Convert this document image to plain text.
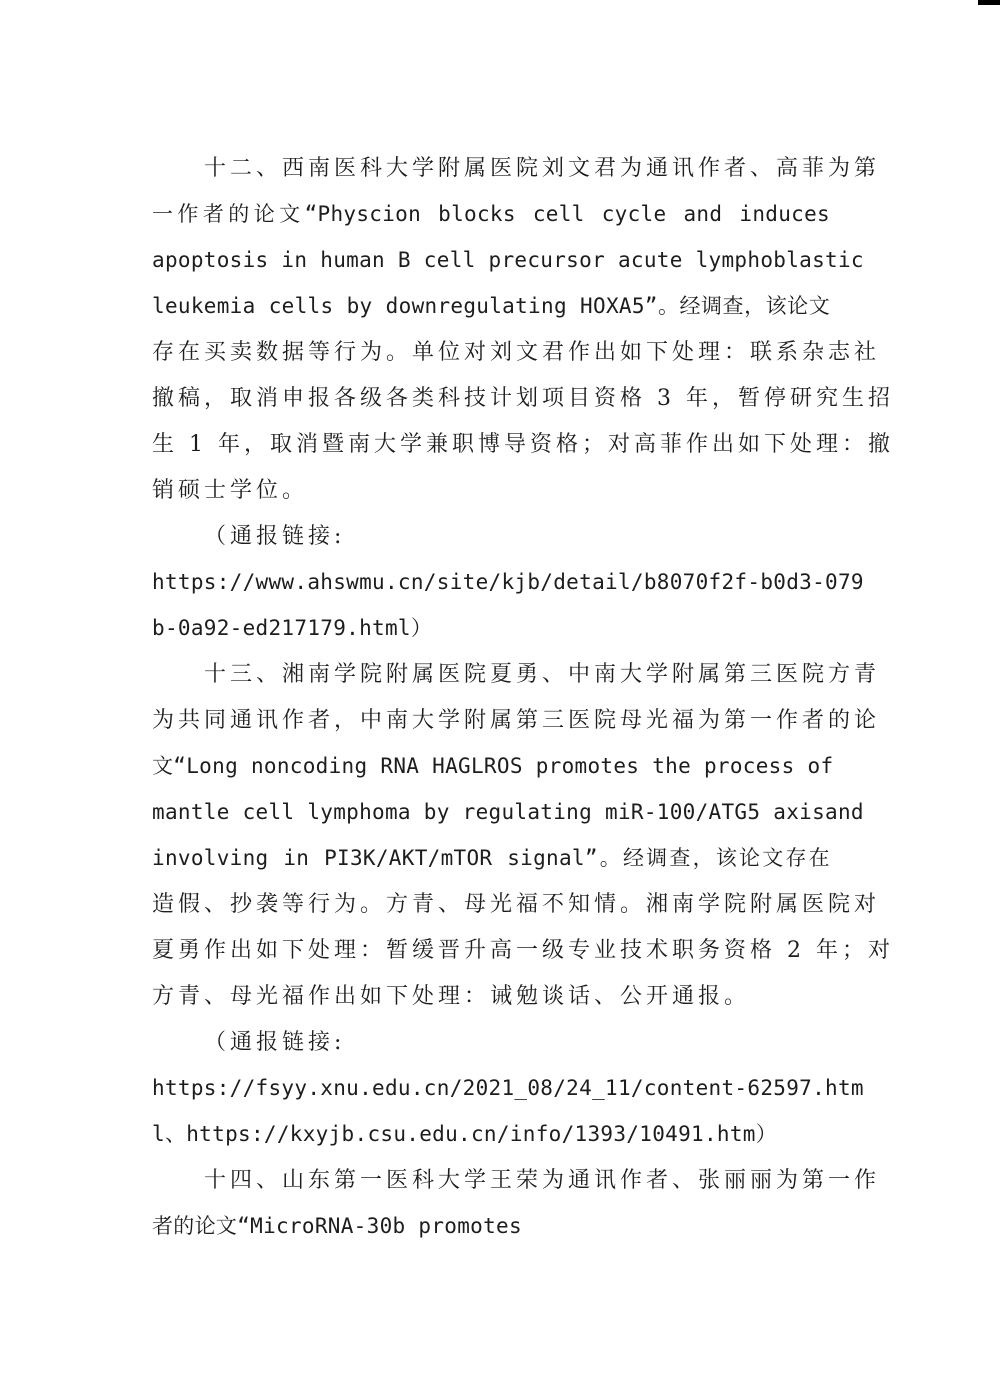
十二、西南医科大学附属医院刘文君为通讯作者、高菲为第
一作者的论文“Physcion blocks cell cycle and induces
apoptosis in human B cell precursor acute lymphoblastic
leukemia cells by downregulating HOXA5”。经调查，该论文
存在买卖数据等行为。单位对刘文君作出如下处理：联系杂志社
撤稿，取消申报各级各类科技计划项目资格 3 年，暂停研究生招
生 1 年，取消暨南大学兼职博导资格；对高菲作出如下处理：撤
销硕士学位。
（通报链接:
https://www.ahswmu.cn/site/kjb/detail/b8070f2f-b0d3-079
b-0a92-ed217179.html）
十三、湘南学院附属医院夏勇、中南大学附属第三医院方青
为共同通讯作者，中南大学附属第三医院母光福为第一作者的论
文“Long noncoding RNA HAGLROS promotes the process of
mantle cell lymphoma by regulating miR-100/ATG5 axisand
involving in PI3K/AKT/mTOR signal”。经调查，该论文存在
造假、抄袭等行为。方青、母光福不知情。湘南学院附属医院对
夏勇作出如下处理：暂缓晋升高一级专业技术职务资格 2 年；对
方青、母光福作出如下处理：诫勉谈话、公开通报。
（通报链接:
https://fsyy.xnu.edu.cn/2021_08/24_11/content-62597.htm
l、https://kxyjb.csu.edu.cn/info/1393/10491.htm）
十四、山东第一医科大学王荣为通讯作者、张丽丽为第一作
者的论文“MicroRNA-30b promotes
